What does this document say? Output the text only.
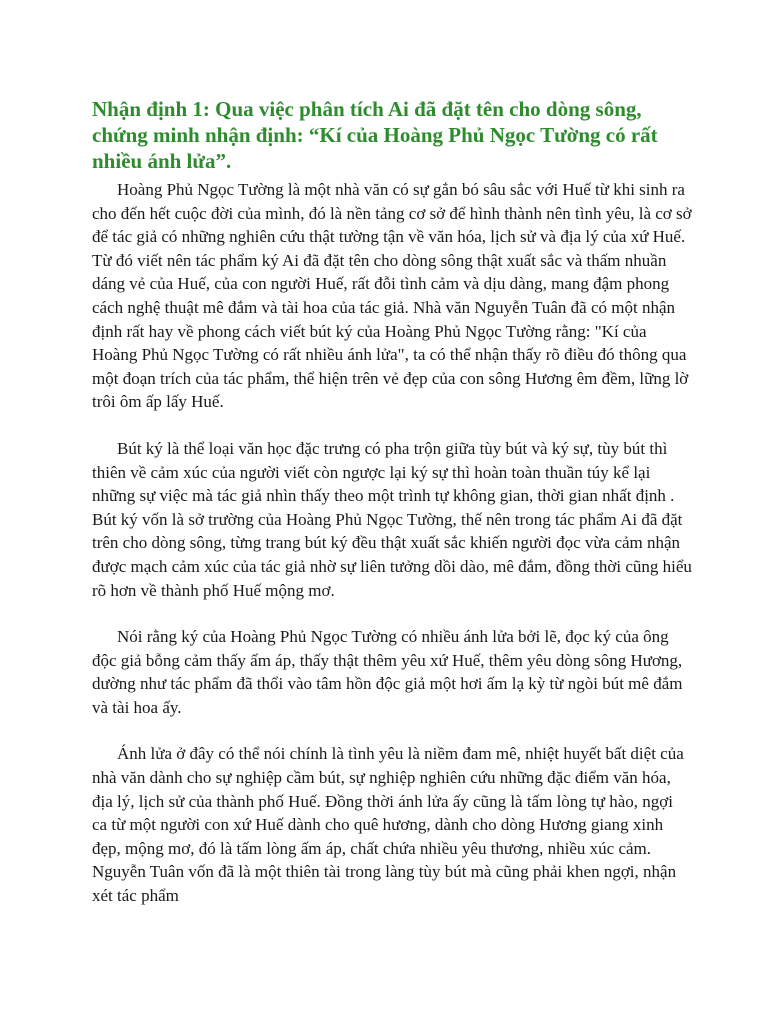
Nhận định 1: Qua việc phân tích Ai đã đặt tên cho dòng sông, chứng minh nhận định: “Kí của Hoàng Phủ Ngọc Tường có rất nhiều ánh lửa”.

Hoàng Phủ Ngọc Tường là một nhà văn có sự gắn bó sâu sắc với Huế từ khi sinh ra cho đến hết cuộc đời của mình, đó là nền tảng cơ sở để hình thành nên tình yêu, là cơ sở để tác giả có những nghiên cứu thật tường tận về văn hóa, lịch sử và địa lý của xứ Huế. Từ đó viết nên tác phẩm ký Ai đã đặt tên cho dòng sông thật xuất sắc và thấm nhuần dáng vẻ của Huế, của con người Huế, rất đỗi tình cảm và dịu dàng, mang đậm phong cách nghệ thuật mê đắm và tài hoa của tác giả. Nhà văn Nguyễn Tuân đã có một nhận định rất hay về phong cách viết bút ký của Hoàng Phủ Ngọc Tường rằng: "Kí của Hoàng Phủ Ngọc Tường có rất nhiều ánh lửa", ta có thể nhận thấy rõ điều đó thông qua một đoạn trích của tác phẩm, thể hiện trên vẻ đẹp của con sông Hương êm đềm, lững lờ trôi ôm ấp lấy Huế.

Bút ký là thể loại văn học đặc trưng có pha trộn giữa tùy bút và ký sự, tùy bút thì thiên về cảm xúc của người viết còn ngược lại ký sự thì hoàn toàn thuần túy kể lại những sự việc mà tác giả nhìn thấy theo một trình tự không gian, thời gian nhất định . Bút ký vốn là sở trường của Hoàng Phủ Ngọc Tường, thế nên trong tác phẩm Ai đã đặt trên cho dòng sông, từng trang bút ký đều thật xuất sắc khiến người đọc vừa cảm nhận được mạch cảm xúc của tác giả nhờ sự liên tưởng dồi dào, mê đắm, đồng thời cũng hiểu rõ hơn về thành phố Huế mộng mơ.

Nói rằng ký của Hoàng Phủ Ngọc Tường có nhiều ánh lửa bởi lẽ, đọc ký của ông độc giả bỗng cảm thấy ấm áp, thấy thật thêm yêu xứ Huế, thêm yêu dòng sông Hương, dường như tác phẩm đã thổi vào tâm hồn độc giả một hơi ấm lạ kỳ từ ngòi bút mê đắm và tài hoa ấy.

Ánh lửa ở đây có thể nói chính là tình yêu là niềm đam mê, nhiệt huyết bất diệt của nhà văn dành cho sự nghiệp cầm bút, sự nghiệp nghiên cứu những đặc điểm văn hóa, địa lý, lịch sử của thành phố Huế. Đồng thời ánh lửa ấy cũng là tấm lòng tự hào, ngợi ca từ một người con xứ Huế dành cho quê hương, dành cho dòng Hương giang xinh đẹp, mộng mơ, đó là tấm lòng ấm áp, chất chứa nhiều yêu thương, nhiều xúc cảm. Nguyễn Tuân vốn đã là một thiên tài trong làng tùy bút mà cũng phải khen ngợi, nhận xét tác phẩm
